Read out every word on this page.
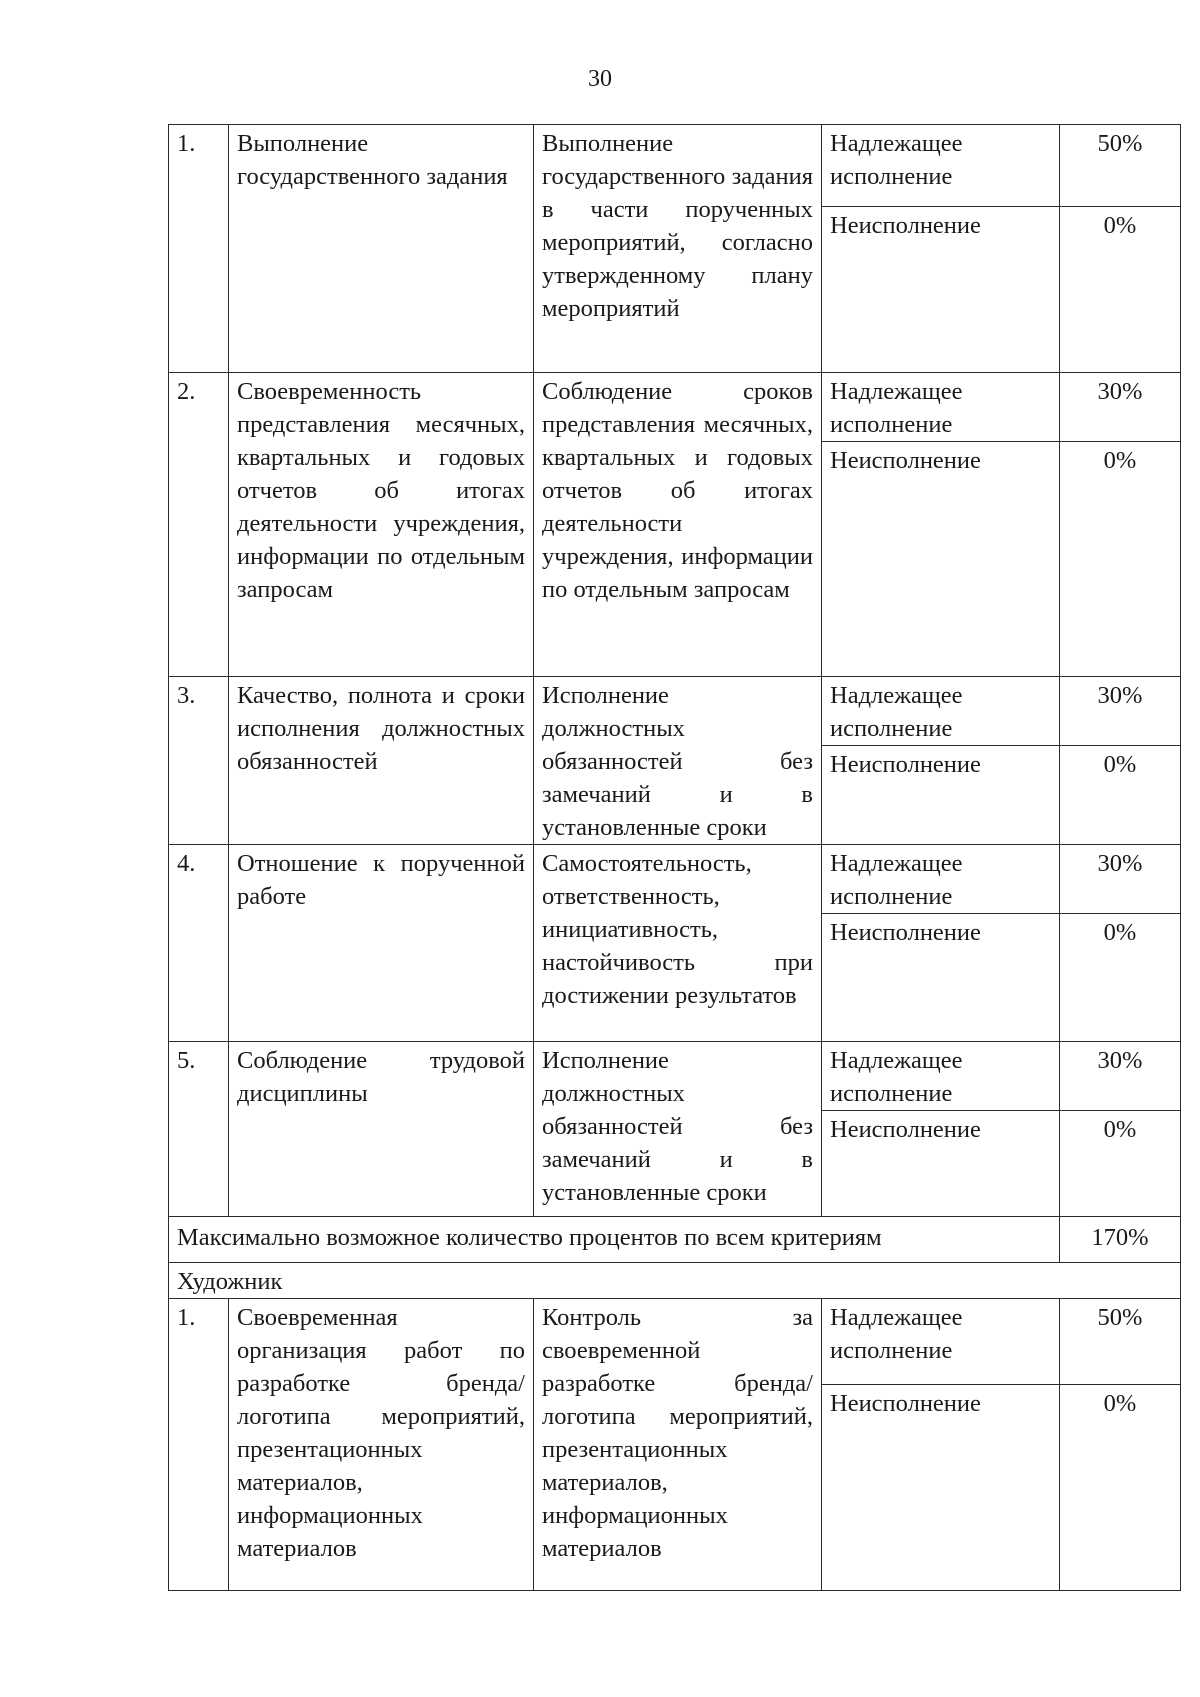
30
1.	Выполнение государственного задания	Выполнение государственного задания в части порученных мероприятий, согласно утвержденному плану мероприятий	Надлежащее исполнение	50%
			Неисполнение	0%
2.	Своевременность представления месячных, квартальных и годовых отчетов об итогах деятельности учреждения, информации по отдельным запросам	Соблюдение сроков представления месячных, квартальных и годовых отчетов об итогах деятельности учреждения, информации по отдельным запросам	Надлежащее исполнение	30%
			Неисполнение	0%
3.	Качество, полнота и сроки исполнения должностных обязанностей	Исполнение должностных обязанностей без замечаний и в установленные сроки	Надлежащее исполнение	30%
			Неисполнение	0%
4.	Отношение к порученной работе	Самостоятельность, ответственность, инициативность, настойчивость при достижении результатов	Надлежащее исполнение	30%
			Неисполнение	0%
5.	Соблюдение трудовой дисциплины	Исполнение должностных обязанностей без замечаний и в установленные сроки	Надлежащее исполнение	30%
			Неисполнение	0%
Максимально возможное количество процентов по всем критериям				170%
Художник				
1.	Своевременная организация работ по разработке бренда/логотипа мероприятий, презентационных материалов, информационных материалов	Контроль за своевременной разработке бренда/логотипа мероприятий, презентационных материалов, информационных материалов	Надлежащее исполнение	50%
			Неисполнение	0%
